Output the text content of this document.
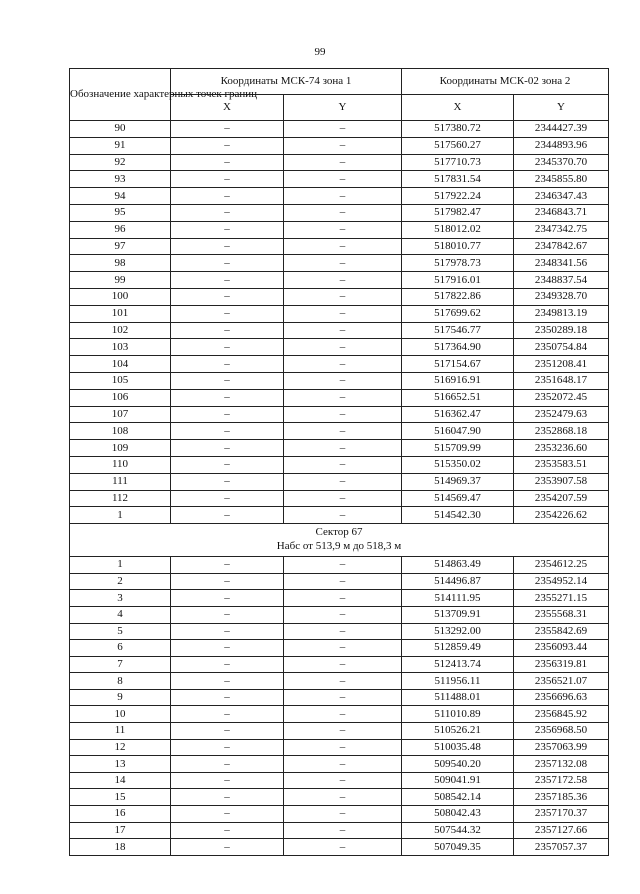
99
Обозначение характерных точек границ	Координаты МСК-74 зона 1		Координаты МСК-02 зона 2	
	X	Y	X	Y
90	–	–	517380.72	2344427.39
91	–	–	517560.27	2344893.96
92	–	–	517710.73	2345370.70
93	–	–	517831.54	2345855.80
94	–	–	517922.24	2346347.43
95	–	–	517982.47	2346843.71
96	–	–	518012.02	2347342.75
97	–	–	518010.77	2347842.67
98	–	–	517978.73	2348341.56
99	–	–	517916.01	2348837.54
100	–	–	517822.86	2349328.70
101	–	–	517699.62	2349813.19
102	–	–	517546.77	2350289.18
103	–	–	517364.90	2350754.84
104	–	–	517154.67	2351208.41
105	–	–	516916.91	2351648.17
106	–	–	516652.51	2352072.45
107	–	–	516362.47	2352479.63
108	–	–	516047.90	2352868.18
109	–	–	515709.99	2353236.60
110	–	–	515350.02	2353583.51
111	–	–	514969.37	2353907.58
112	–	–	514569.47	2354207.59
1	–	–	514542.30	2354226.62

Сектор 67
Набс от 513,9 м до 518,3 м				

1	–	–	514863.49	2354612.25
2	–	–	514496.87	2354952.14
3	–	–	514111.95	2355271.15
4	–	–	513709.91	2355568.31
5	–	–	513292.00	2355842.69
6	–	–	512859.49	2356093.44
7	–	–	512413.74	2356319.81
8	–	–	511956.11	2356521.07
9	–	–	511488.01	2356696.63
10	–	–	511010.89	2356845.92
11	–	–	510526.21	2356968.50
12	–	–	510035.48	2357063.99
13	–	–	509540.20	2357132.08
14	–	–	509041.91	2357172.58
15	–	–	508542.14	2357185.36
16	–	–	508042.43	2357170.37
17	–	–	507544.32	2357127.66
18	–	–	507049.35	2357057.37
